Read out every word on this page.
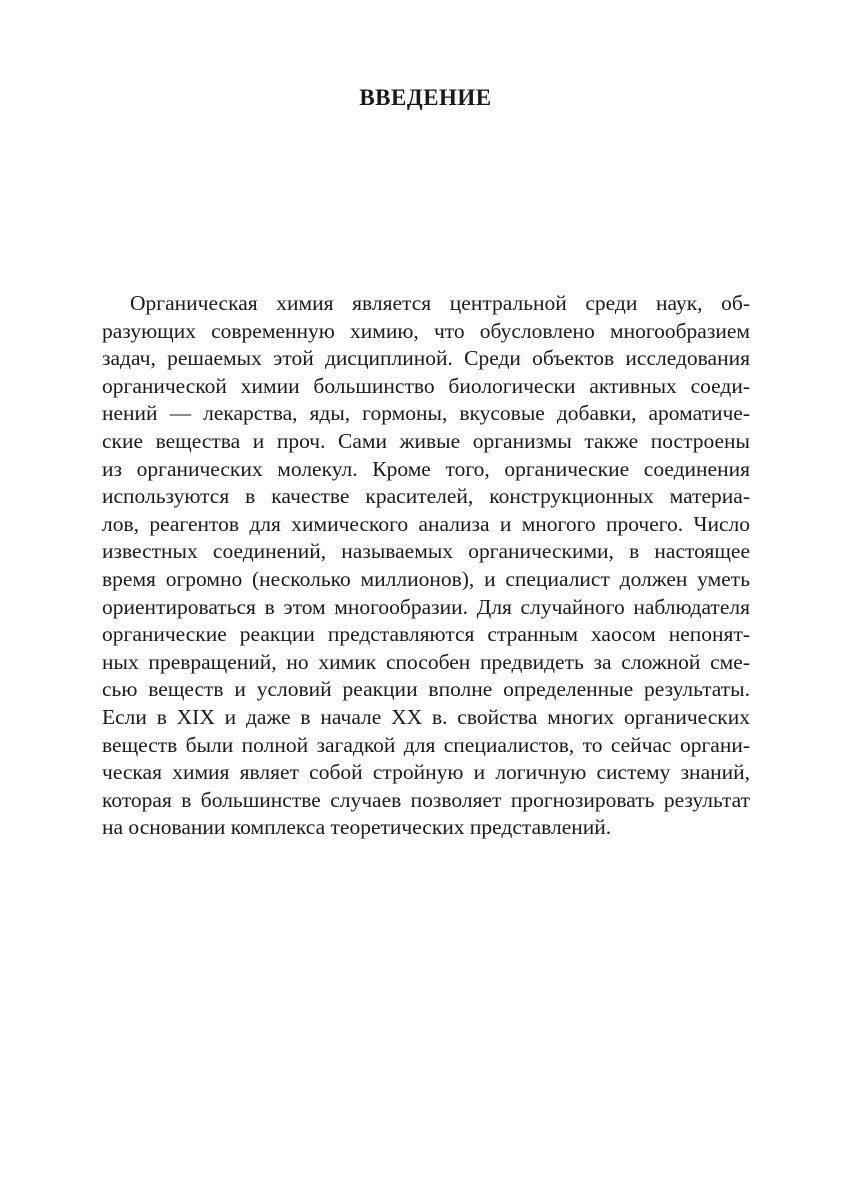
ВВЕДЕНИЕ
Органическая химия является центральной среди наук, об-
разующих современную химию, что обусловлено многообразием
задач, решаемых этой дисциплиной. Среди объектов исследования
органической химии большинство биологически активных соеди-
нений — лекарства, яды, гормоны, вкусовые добавки, ароматиче-
ские вещества и проч. Сами живые организмы также построены
из органических молекул. Кроме того, органические соединения
используются в качестве красителей, конструкционных материа-
лов, реагентов для химического анализа и многого прочего. Число
известных соединений, называемых органическими, в настоящее
время огромно (несколько миллионов), и специалист должен уметь
ориентироваться в этом многообразии. Для случайного наблюдателя
органические реакции представляются странным хаосом непонят-
ных превращений, но химик способен предвидеть за сложной сме-
сью веществ и условий реакции вполне определенные результаты.
Если в XIX и даже в начале XX в. свойства многих органических
веществ были полной загадкой для специалистов, то сейчас органи-
ческая химия являет собой стройную и логичную систему знаний,
которая в большинстве случаев позволяет прогнозировать результат
на основании комплекса теоретических представлений.
